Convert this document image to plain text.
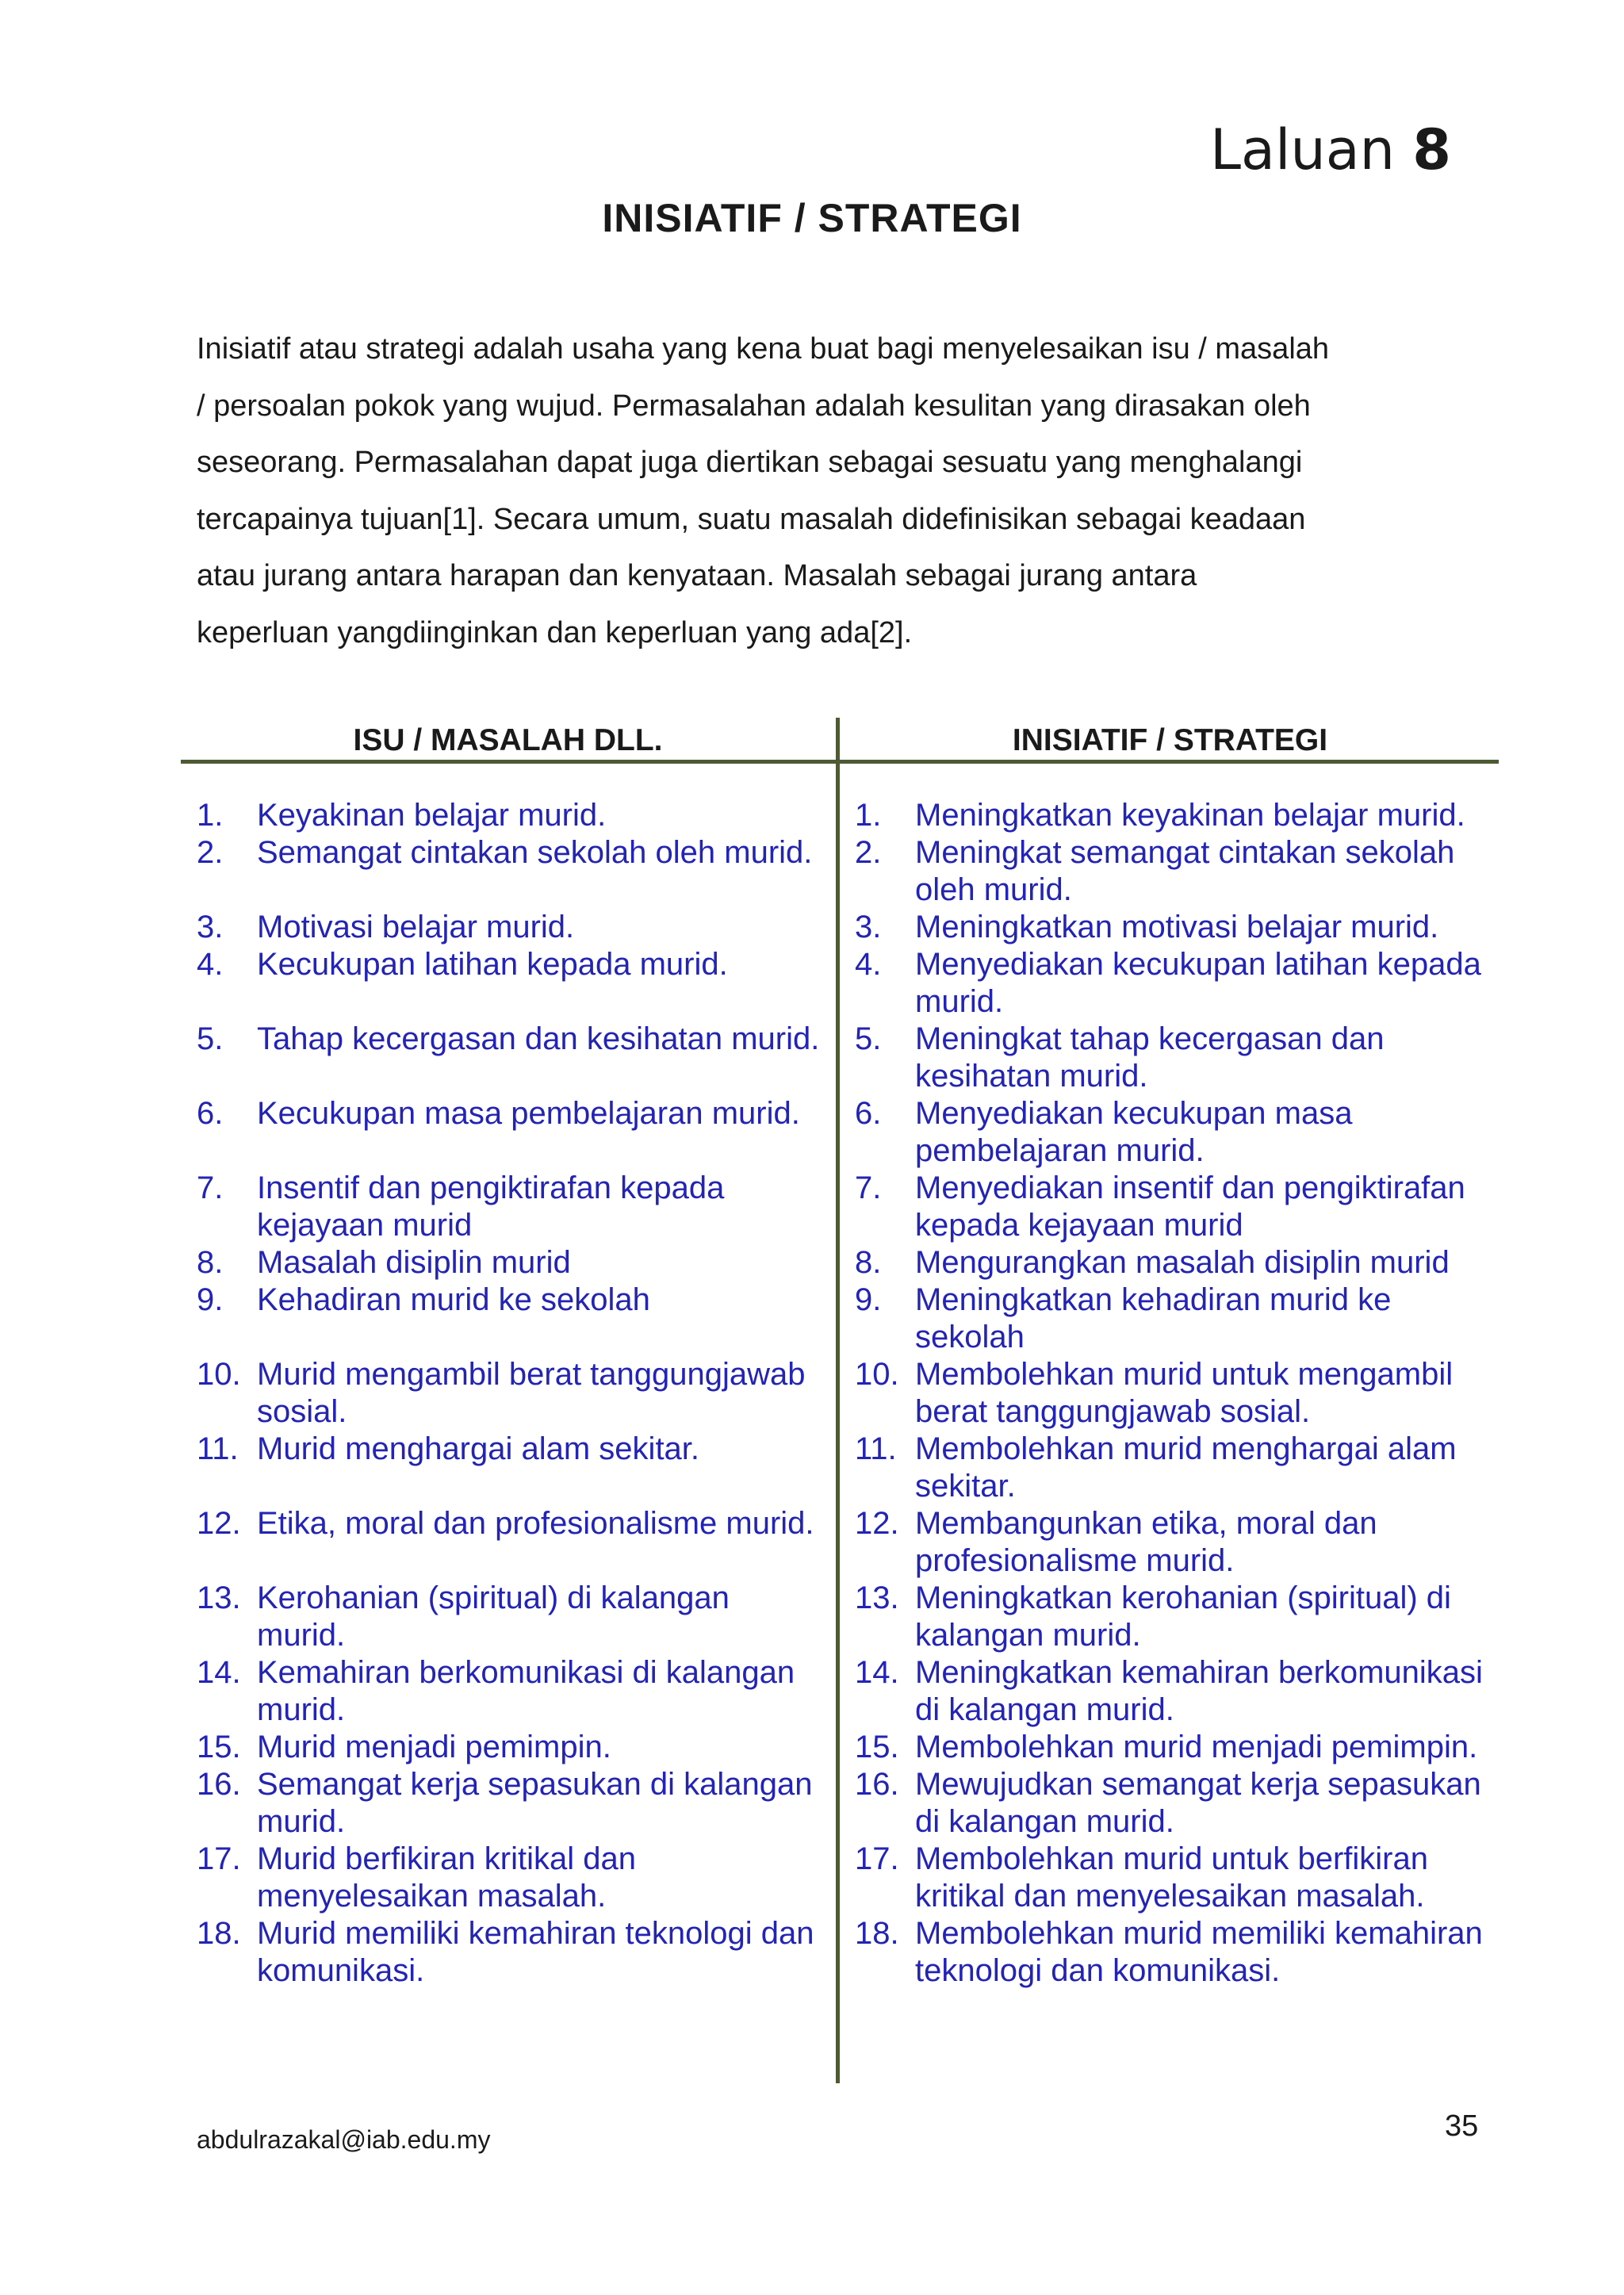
Laluan 8
INISIATIF / STRATEGI
Inisiatif atau strategi adalah usaha yang kena buat bagi menyelesaikan isu / masalah
/ persoalan pokok yang wujud. Permasalahan adalah kesulitan yang dirasakan oleh
seseorang. Permasalahan dapat juga diertikan sebagai sesuatu yang menghalangi
tercapainya tujuan[1]. Secara umum, suatu masalah didefinisikan sebagai keadaan
atau jurang antara harapan dan kenyataan. Masalah sebagai jurang antara
keperluan yangdiinginkan dan keperluan yang ada[2].
ISU / MASALAH DLL.	INISIATIF / STRATEGI
1. Keyakinan belajar murid.
2. Semangat cintakan sekolah oleh murid.
3. Motivasi belajar murid.
4. Kecukupan latihan kepada murid.
5. Tahap kecergasan dan kesihatan murid.
6. Kecukupan masa pembelajaran murid.
7. Insentif dan pengiktirafan kepada kejayaan murid
8. Masalah disiplin murid
9. Kehadiran murid ke sekolah
10. Murid mengambil berat tanggungjawab sosial.
11. Murid menghargai alam sekitar.
12. Etika, moral dan profesionalisme murid.
13. Kerohanian (spiritual) di kalangan murid.
14. Kemahiran berkomunikasi di kalangan murid.
15. Murid menjadi pemimpin.
16. Semangat kerja sepasukan di kalangan murid.
17. Murid berfikiran kritikal dan menyelesaikan masalah.
18. Murid memiliki kemahiran teknologi dan komunikasi.
1. Meningkatkan keyakinan belajar murid.
2. Meningkat semangat cintakan sekolah oleh murid.
3. Meningkatkan motivasi belajar murid.
4. Menyediakan kecukupan latihan kepada murid.
5. Meningkat tahap kecergasan dan kesihatan murid.
6. Menyediakan kecukupan masa pembelajaran murid.
7. Menyediakan insentif dan pengiktirafan kepada kejayaan murid
8. Mengurangkan masalah disiplin murid
9. Meningkatkan kehadiran murid ke sekolah
10. Membolehkan murid untuk mengambil berat tanggungjawab sosial.
11. Membolehkan murid menghargai alam sekitar.
12. Membangunkan etika, moral dan profesionalisme murid.
13. Meningkatkan kerohanian (spiritual) di kalangan murid.
14. Meningkatkan kemahiran berkomunikasi di kalangan murid.
15. Membolehkan murid menjadi pemimpin.
16. Mewujudkan semangat kerja sepasukan di kalangan murid.
17. Membolehkan murid untuk berfikiran kritikal dan menyelesaikan masalah.
18. Membolehkan murid memiliki kemahiran teknologi dan komunikasi.
abdulrazakal@iab.edu.my	35
